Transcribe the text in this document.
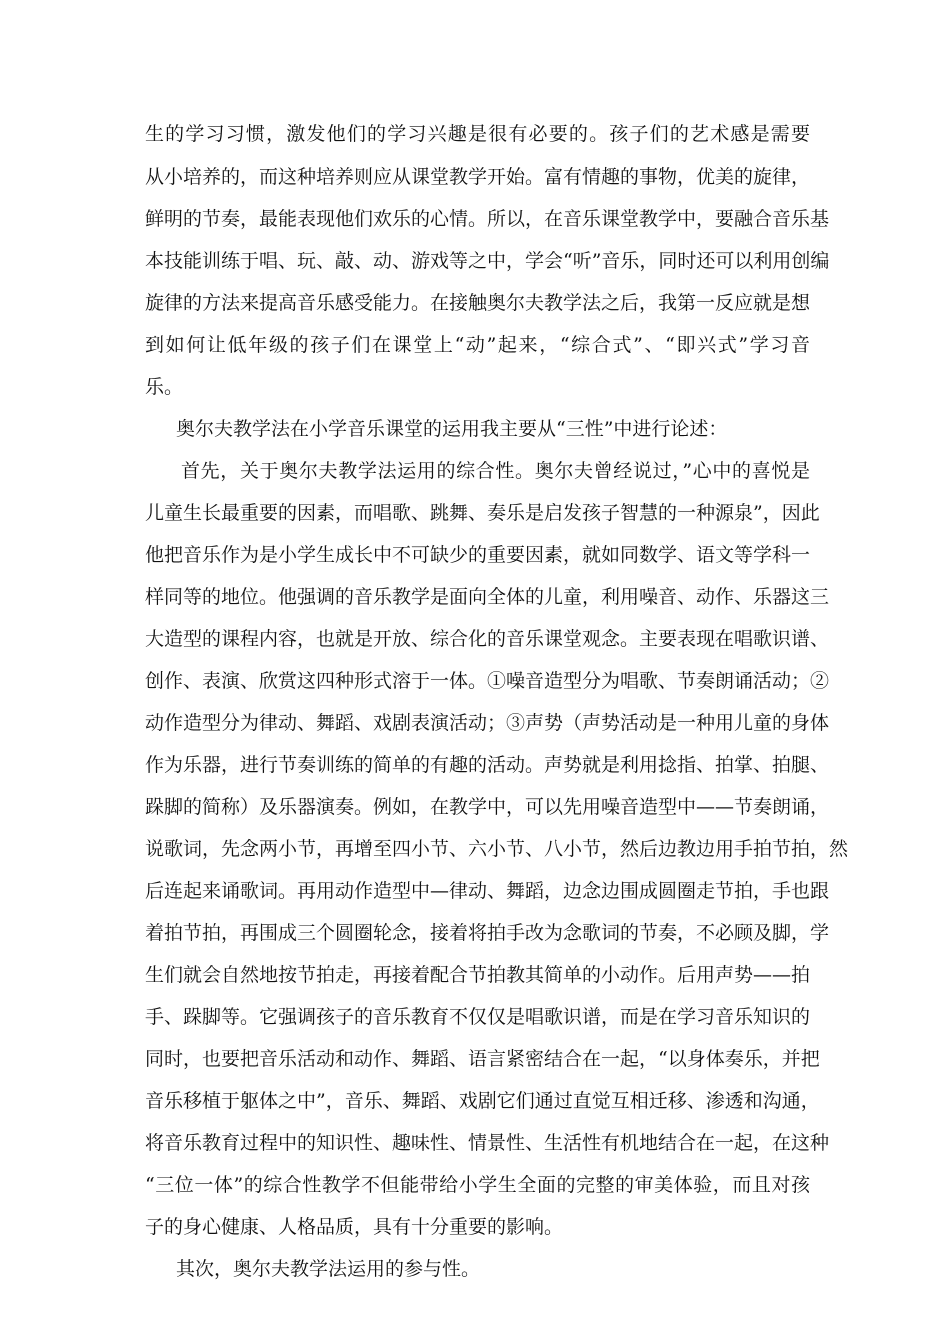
生的学习习惯，激发他们的学习兴趣是很有必要的。孩子们的艺术感是需要
从小培养的，而这种培养则应从课堂教学开始。富有情趣的事物，优美的旋律，
鲜明的节奏，最能表现他们欢乐的心情。所以，在音乐课堂教学中，要融合音乐基
本技能训练于唱、玩、敲、动、游戏等之中，学会“听”音乐，同时还可以利用创编
旋律的方法来提高音乐感受能力。在接触奥尔夫教学法之后，我第一反应就是想
到如何让低年级的孩子们在课堂上“动”起来，“综合式”、“即兴式”学习音
乐。
奥尔夫教学法在小学音乐课堂的运用我主要从“三性”中进行论述：
首先，关于奥尔夫教学法运用的综合性。奥尔夫曾经说过，”心中的喜悦是
儿童生长最重要的因素，而唱歌、跳舞、奏乐是启发孩子智慧的一种源泉”，因此
他把音乐作为是小学生成长中不可缺少的重要因素，就如同数学、语文等学科一
样同等的地位。他强调的音乐教学是面向全体的儿童，利用噪音、动作、乐器这三
大造型的课程内容，也就是开放、综合化的音乐课堂观念。主要表现在唱歌识谱、
创作、表演、欣赏这四种形式溶于一体。①噪音造型分为唱歌、节奏朗诵活动；②
动作造型分为律动、舞蹈、戏剧表演活动；③声势（声势活动是一种用儿童的身体
作为乐器，进行节奏训练的简单的有趣的活动。声势就是利用捻指、拍掌、拍腿、
跺脚的简称）及乐器演奏。例如，在教学中，可以先用噪音造型中——节奏朗诵，
说歌词，先念两小节，再增至四小节、六小节、八小节，然后边教边用手拍节拍，然
后连起来诵歌词。再用动作造型中—律动、舞蹈，边念边围成圆圈走节拍，手也跟
着拍节拍，再围成三个圆圈轮念，接着将拍手改为念歌词的节奏，不必顾及脚，学
生们就会自然地按节拍走，再接着配合节拍教其简单的小动作。后用声势——拍
手、跺脚等。它强调孩子的音乐教育不仅仅是唱歌识谱，而是在学习音乐知识的
同时，也要把音乐活动和动作、舞蹈、语言紧密结合在一起，“以身体奏乐，并把
音乐移植于躯体之中”，音乐、舞蹈、戏剧它们通过直觉互相迁移、渗透和沟通，
将音乐教育过程中的知识性、趣味性、情景性、生活性有机地结合在一起，在这种
“三位一体”的综合性教学不但能带给小学生全面的完整的审美体验，而且对孩
子的身心健康、人格品质，具有十分重要的影响。
其次，奥尔夫教学法运用的参与性。
